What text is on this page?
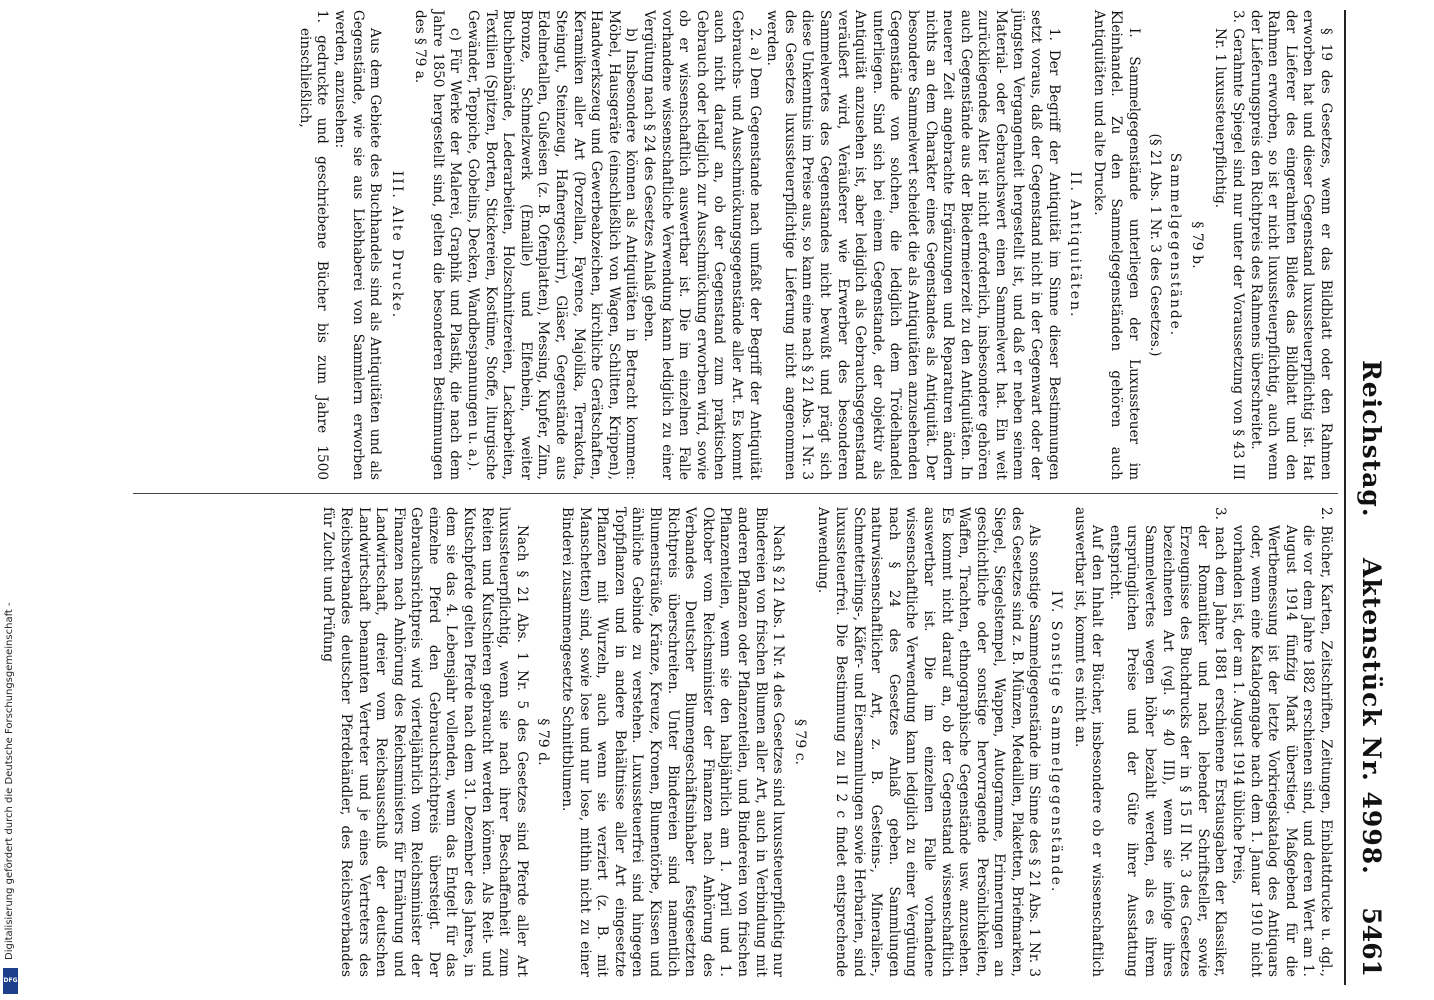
Reichstag.
Aktenstück Nr. 4998.
5461

§ 19 des Gesetzes, wenn er das Bildblatt oder den Rahmen erworben hat und dieser Gegenstand luxussteuerpflichtig ist. Hat der Lieferer des eingerahmten Bildes das Bildblatt und den Rahmen erworben, so ist er nicht luxussteuerpflichtig, auch wenn der Lieferungspreis den Richtpreis des Rahmens überschreitet.

3. Gerahmte Spiegel sind nur unter der Voraussetzung von § 43 III Nr. 1 luxussteuerpflichtig.

§ 79 b.
Sammelgegenstände.
(§ 21 Abs. 1 Nr. 3 des Gesetzes.)

I. Sammelgegenstände unterliegen der Luxussteuer im Kleinhandel. Zu den Sammelgegenständen gehören auch Antiquitäten und alte Drucke.

II. Antiquitäten.

1. Der Begriff der Antiquität im Sinne dieser Bestimmungen setzt voraus, daß der Gegenstand nicht in der Gegenwart oder der jüngsten Vergangenheit hergestellt ist, und daß er neben seinem Material- oder Gebrauchswert einen Sammelwert hat. Ein weit zurückliegendes Alter ist nicht erforderlich, insbesondere gehören auch Gegenstände aus der Biedermeierzeit zu den Antiquitäten. In neuerer Zeit angebrachte Ergänzungen und Reparaturen ändern nichts an dem Charakter eines Gegenstandes als Antiquität. Der besondere Sammelwert scheidet die als Antiquitäten anzusehenden Gegenstände von solchen, die lediglich dem Trödelhandel unterliegen. Sind sich bei einem Gegenstande, der objektiv als Antiquität anzusehen ist, aber lediglich als Gebrauchsgegenstand veräußert wird, Veräußerer wie Erwerber des besonderen Sammelwertes des Gegenstandes nicht bewußt und prägt sich diese Unkenntnis im Preise aus, so kann eine nach § 21 Abs. 1 Nr. 3 des Gesetzes luxussteuerpflichtige Lieferung nicht angenommen werden.

2. a) Dem Gegenstande nach umfaßt der Begriff der Antiquität Gebrauchs- und Ausschmückungsgegenstände aller Art. Es kommt auch nicht darauf an, ob der Gegenstand zum praktischen Gebrauch oder lediglich zur Ausschmückung erworben wird, sowie ob er wissenschaftlich auswertbar ist. Die im einzelnen Falle vorhandene wissenschaftliche Verwendung kann lediglich zu einer Vergütung nach § 24 des Gesetzes Anlaß geben.

b) Insbesondere können als Antiquitäten in Betracht kommen: Möbel, Hausgeräte (einschließlich von Wagen, Schlitten, Krippen), Handwerkszeug und Gewerbeabzeichen, kirchliche Gerätschaften, Keramiken aller Art (Porzellan, Fayence, Majolika, Terrakotta, Steingut, Steinzeug, Hafnergeschirr), Gläser, Gegenstände aus Edelmetallen, Gußeisen (z. B. Ofenplatten), Messing, Kupfer, Zinn, Bronze, Schmelzwerk (Emaille) und Elfenbein, weiter Buchbeinbände, Lederarbeiten, Holzschnitzereien, Lackarbeiten, Textilien (Spitzen, Borten, Stickereien, Kostüme, Stoffe, liturgische Gewänder, Teppiche, Gobelins, Decken, Wandbespannungen u. a.).

c) Für Werke der Malerei, Graphik und Plastik, die nach dem Jahre 1850 hergestellt sind, gelten die besonderen Bestimmungen des § 79 a.

III. Alte Drucke.

Aus dem Gebiete des Buchhandels sind als Antiquitäten und als Gegenstände, wie sie aus Liebhaberei von Sammlern erworben werden, anzusehen:

1. gedruckte und geschriebene Bücher bis zum Jahre 1500 einschließlich,

2. Bücher, Karten, Zeitschriften, Zeitungen, Einblattdrucke u. dgl., die vor dem Jahre 1882 erschienen sind, und deren Wert am 1. August 1914 fünfzig Mark überstieg. Maßgebend für die Wertbemessung ist der letzte Vorkriegskatalog des Antiquars oder, wenn eine Katalogangabe nach dem 1. Januar 1910 nicht vorhanden ist, der am 1. August 1914 übliche Preis,

3. nach dem Jahre 1881 erschienene Erstausgaben der Klassiker, der Romantiker und nach lebender Schriftsteller, sowie Erzeugnisse des Buchdrucks der in § 15 II Nr. 3 des Gesetzes bezeichneten Art (vgl. § 40 III), wenn sie infolge ihres Sammelwertes wegen höher bezahlt werden, als es ihrem ursprünglichen Preise und der Güte ihrer Ausstattung entspricht.

Auf den Inhalt der Bücher, insbesondere ob er wissenschaftlich auswertbar ist, kommt es nicht an.

IV. Sonstige Sammelgegenstände.

Als sonstige Sammelgegenstände im Sinne des § 21 Abs. 1 Nr. 3 des Gesetzes sind z. B. Münzen, Medaillen, Plaketten, Briefmarken, Siegel, Siegelstempel, Wappen, Autogramme, Erinnerungen an geschichtliche oder sonstige hervorragende Persönlichkeiten, Waffen, Trachten, ethnographische Gegenstände usw. anzusehen. Es kommt nicht darauf an, ob der Gegenstand wissenschaftlich auswertbar ist. Die im einzelnen Falle vorhandene wissenschaftliche Verwendung kann lediglich zu einer Vergütung nach § 24 des Gesetzes Anlaß geben. Sammlungen naturwissenschaftlicher Art, z. B. Gesteins-, Mineralien-, Schmetterlings-, Käfer- und Eiersammlungen sowie Herbarien, sind luxussteuerfrei. Die Bestimmung zu II 2 c findet entsprechende Anwendung.

§ 79 c.

Nach § 21 Abs. 1 Nr. 4 des Gesetzes sind luxussteuerpflichtig nur Bindereien von frischen Blumen aller Art, auch in Verbindung mit anderen Pflanzen oder Pflanzenteilen, und Bindereien von frischen Pflanzenteilen, wenn sie den halbjährlich am 1. April und 1. Oktober vom Reichsminister der Finanzen nach Anhörung des Verbandes Deutscher Blumengeschäftsinhaber festgesetzten Richtpreis überschreiten. Unter Bindereien sind namentlich Blumensträuße, Kränze, Kreuze, Kronen, Blumentörbe, Kissen und ähnliche Gebinde zu verstehen. Luxussteuerfrei sind hingegen Topfpflanzen und in andere Behältnisse aller Art eingesetzte Pflanzen mit Wurzeln, auch wenn sie verziert (z. B. mit Manschetten) sind, sowie lose und nur lose, mithin nicht zu einer Binderei zusammengesetzte Schnittblumen.

§ 79 d.

Nach § 21 Abs. 1 Nr. 5 des Gesetzes sind Pferde aller Art luxussteuerpflichtig, wenn sie nach ihrer Beschaffenheit zum Reiten und Kutschieren gebraucht werden können. Als Reit- und Kutschpferde gelten Pferde nach dem 31. Dezember des Jahres, in dem sie das 4. Lebensjahr vollenden, wenn das Entgelt für das einzelne Pferd den Gebrauchsrichtpreis übersteigt. Der Gebrauchsrichtpreis wird vierteljährlich vom Reichsminister der Finanzen nach Anhörung des Reichsministers für Ernährung und Landwirtschaft, dreier vom Reichsausschuß der deutschen Landwirtschaft benannten Vertreter und je eines Vertreters des Reichsverbandes deutscher Pferdehändler, des Reichsverbandes für Zucht und Prüfung

Digitalisierung gefördert durch die Deutsche Forschungsgemeinschaft -
DFG
